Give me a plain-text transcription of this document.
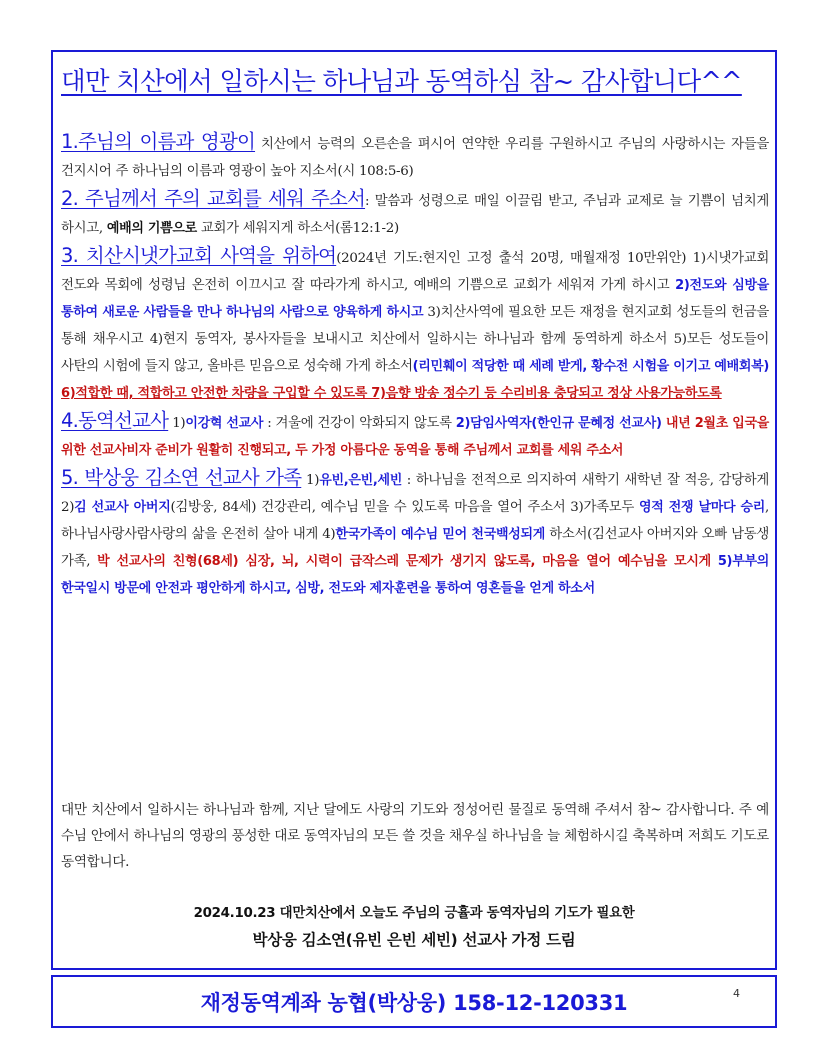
대만 치산에서 일하시는 하나님과 동역하심 참~ 감사합니다^^

1.주님의 이름과 영광이 치산에서 능력의 오른손을 펴시어 연약한 우리를 구원하시고 주님의 사랑하시는 자들을 건지시어 주 하나님의 이름과 영광이 높아 지소서(시 108:5-6)

2. 주님께서 주의 교회를 세워 주소서: 말씀과 성령으로 매일 이끌림 받고, 주님과 교제로 늘 기쁨이 넘치게 하시고, 예배의 기쁨으로 교회가 세워지게 하소서(롬12:1-2)

3. 치산시냇가교회 사역을 위하여(2024년 기도:현지인 고정 출석 20명, 매월재정 10만위안) 1)시냇가교회 전도와 목회에 성령님 온전히 이끄시고 잘 따라가게 하시고, 예배의 기쁨으로 교회가 세워져 가게 하시고 2)전도와 심방을 통하여 새로운 사람들을 만나 하나님의 사람으로 양육하게 하시고 3)치산사역에 필요한 모든 재정을 현지교회 성도들의 헌금을 통해 채우시고 4)현지 동역자, 봉사자들을 보내시고 치산에서 일하시는 하나님과 함께 동역하게 하소서 5)모든 성도들이 사탄의 시험에 들지 않고, 올바른 믿음으로 성숙해 가게 하소서(리민훼이 적당한 때 세례 받게, 황수전 시험을 이기고 예배회복) 6)적합한 때, 적합하고 안전한 차량을 구입할 수 있도록 7)음향 방송 정수기 등 수리비용 충당되고 정상 사용가능하도록

4.동역선교사 1)이강혁 선교사 : 겨울에 건강이 악화되지 않도록 2)담임사역자(한인규 문혜정 선교사) 내년 2월초 입국을 위한 선교사비자 준비가 원활히 진행되고, 두 가정 아름다운 동역을 통해 주님께서 교회를 세워 주소서

5. 박상웅 김소연 선교사 가족 1)유빈,은빈,세빈 : 하나님을 전적으로 의지하여 새학기 새학년 잘 적응, 감당하게 2)김 선교사 아버지(김방웅, 84세) 건강관리, 예수님 믿을 수 있도록 마음을 열어 주소서 3)가족모두 영적 전쟁 날마다 승리, 하나님사랑사람사랑의 삶을 온전히 살아 내게 4)한국가족이 예수님 믿어 천국백성되게 하소서(김선교사 아버지와 오빠 남동생 가족, 박 선교사의 친형(68세) 심장, 뇌, 시력이 급작스레 문제가 생기지 않도록, 마음을 열어 예수님을 모시게 5)부부의 한국일시 방문에 안전과 평안하게 하시고, 심방, 전도와 제자훈련을 통하여 영혼들을 얻게 하소서

대만 치산에서 일하시는 하나님과 함께, 지난 달에도 사랑의 기도와 정성어린 물질로 동역해 주셔서 참~ 감사합니다. 주 예수님 안에서 하나님의 영광의 풍성한 대로 동역자님의 모든 쓸 것을 채우실 하나님을 늘 체험하시길 축복하며 저희도 기도로 동역합니다.
2024.10.23 대만치산에서 오늘도 주님의 긍휼과 동역자님의 기도가 필요한
박상웅 김소연(유빈 은빈 세빈) 선교사 가정 드림
재정동역계좌 농협(박상웅) 158-12-120331	4
